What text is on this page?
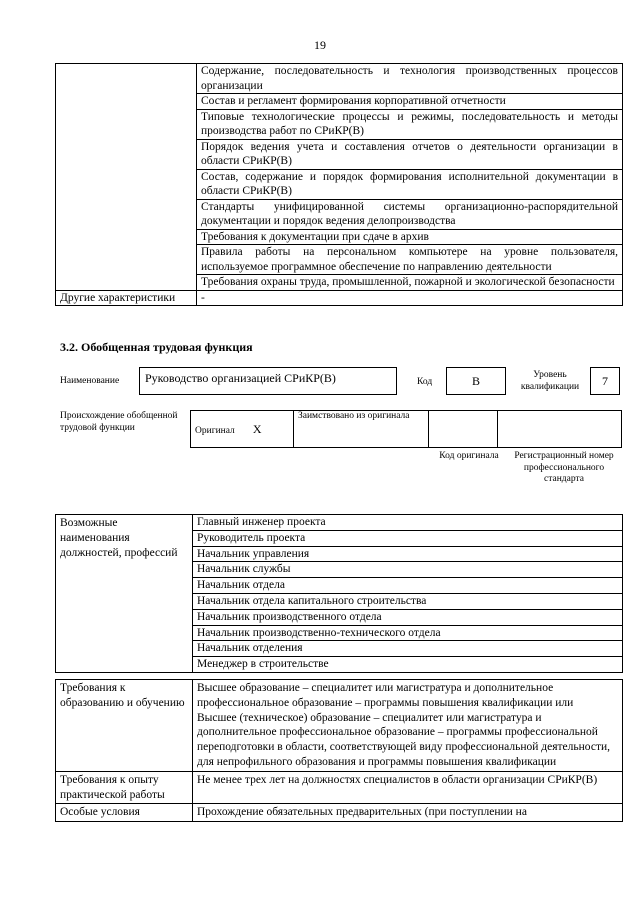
19
	Содержание, последовательность и технология производственных процессов организации
	Состав и регламент формирования корпоративной отчетности
	Типовые технологические процессы и режимы, последовательность и методы производства работ по СРиКР(В)
	Порядок ведения учета и составления отчетов о деятельности организации в области СРиКР(В)
	Состав, содержание и порядок формирования исполнительной документации в области СРиКР(В)
	Стандарты унифицированной системы организационно-распорядительной документации и порядок ведения делопроизводства
	Требования к документации при сдаче в архив
	Правила работы на персональном компьютере на уровне пользователя, используемое программное обеспечение по направлению деятельности
	Требования охраны труда, промышленной, пожарной и экологической безопасности
Другие характеристики	-
3.2. Обобщенная трудовая функция
Наименование	Руководство организацией СРиКР(В)	Код	B	Уровень квалификации	7
Происхождение обобщенной трудовой функции	Оригинал X	Заимствовано из оригинала		
Код оригинала	Регистрационный номер профессионального стандарта
Возможные наименования должностей, профессий	
Главный инженер проекта
Руководитель проекта
Начальник управления
Начальник службы
Начальник отдела
Начальник отдела капитального строительства
Начальник производственного отдела
Начальник производственно-технического отдела
Начальник отделения
Менеджер в строительстве
Требования к образованию и обучению	Высшее образование – специалитет или магистратура и дополнительное профессиональное образование – программы повышения квалификации или
Высшее (техническое) образование – специалитет или магистратура и дополнительное профессиональное образование – программы профессиональной переподготовки в области, соответствующей виду профессиональной деятельности, для непрофильного образования и программы повышения квалификации

Требования к опыту практической работы	Не менее трех лет на должностях специалистов в области организации СРиКР(В)
Особые условия	Прохождение обязательных предварительных (при поступлении на
